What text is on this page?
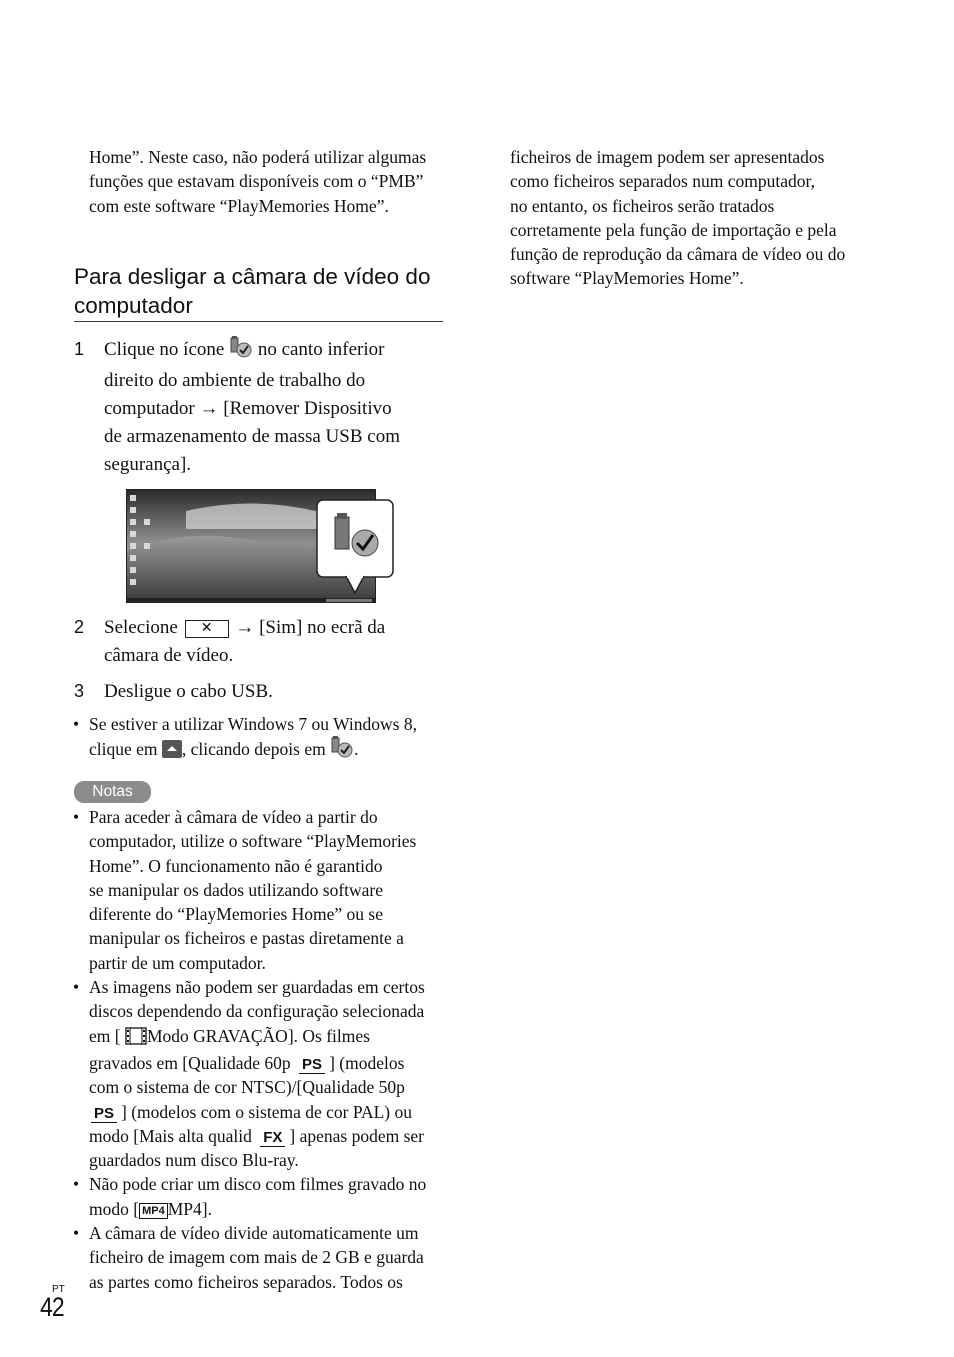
Home”. Neste caso, não poderá utilizar algumas
funções que estavam disponíveis com o “PMB”
com este software “PlayMemories Home”.
Para desligar a câmara de vídeo do
computador
1 Clique no ícone no canto inferior
direito do ambiente de trabalho do
computador → [Remover Dispositivo
de armazenamento de massa USB com
segurança].
2 Selecione ✕ → [Sim] no ecrã da
câmara de vídeo.
3 Desligue o cabo USB.
• Se estiver a utilizar Windows 7 ou Windows 8,
clique em , clicando depois em .
Notas
• Para aceder à câmara de vídeo a partir do
computador, utilize o software “PlayMemories
Home”. O funcionamento não é garantido
se manipular os dados utilizando software
diferente do “PlayMemories Home” ou se
manipular os ficheiros e pastas diretamente a
partir de um computador.
• As imagens não podem ser guardadas em certos
discos dependendo da configuração selecionada
em [ Modo GRAVAÇÃO]. Os filmes
gravados em [Qualidade 60p PS ] (modelos
com o sistema de cor NTSC)/[Qualidade 50p
PS ] (modelos com o sistema de cor PAL) ou
modo [Mais alta qualid FX ] apenas podem ser
guardados num disco Blu-ray.
• Não pode criar um disco com filmes gravado no
modo [ MP4 MP4].
• A câmara de vídeo divide automaticamente um
ficheiro de imagem com mais de 2 GB e guarda
as partes como ficheiros separados. Todos os
ficheiros de imagem podem ser apresentados
como ficheiros separados num computador,
no entanto, os ficheiros serão tratados
corretamente pela função de importação e pela
função de reprodução da câmara de vídeo ou do
software “PlayMemories Home”.
PT
42
